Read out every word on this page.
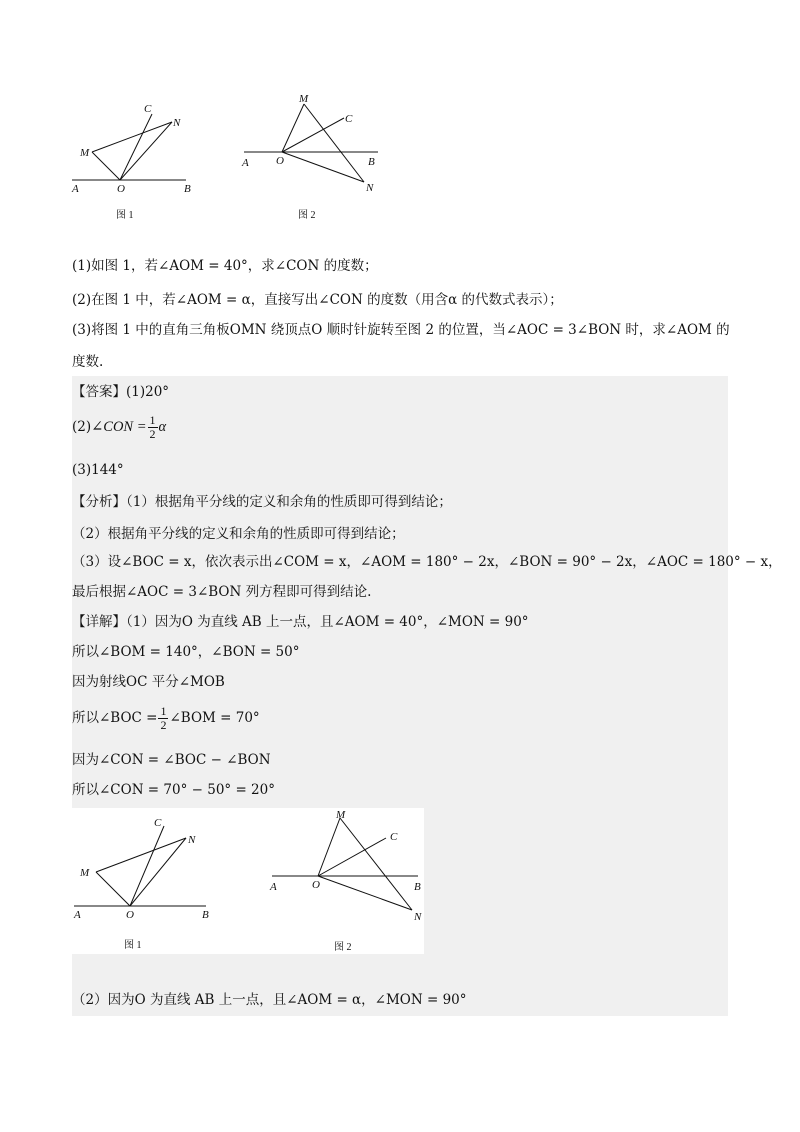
A	O	B
M
N
C
图 1
A O	B
M
N
C
图 2
(1)如图 1，若∠AOM = 40°，求∠CON 的度数；
(2)在图 1 中，若∠AOM = α，直接写出∠CON 的度数（用含α 的代数式表示）；
(3)将图 1 中的直角三角板OMN 绕顶点O 顺时针旋转至图 2 的位置，当∠AOC = 3∠BON 时，求∠AOM 的
度数.
【答案】(1)20°
(2)∠CON = $\frac{1}{2}$ α
(3)144°
【分析】（1）根据角平分线的定义和余角的性质即可得到结论；
（2）根据角平分线的定义和余角的性质即可得到结论；
（3）设∠BOC = x，依次表示出∠COM = x，∠AOM = 180° − 2x，∠BON = 90° − 2x，∠AOC = 180° − x，
最后根据∠AOC = 3∠BON 列方程即可得到结论.
【详解】（1）因为O 为直线 AB 上一点，且∠AOM = 40°，∠MON = 90°
所以∠BOM = 140°，∠BON = 50°
因为射线OC 平分∠MOB
所以∠BOC = $\frac{1}{2}$ ∠BOM = 70°
因为∠CON = ∠BOC − ∠BON
所以∠CON = 70° − 50° = 20°
A	O	B
M
N
C
图 1
A	O	B
M
N
C
图 2
（2）因为O 为直线 AB 上一点，且∠AOM = α，∠MON = 90°
